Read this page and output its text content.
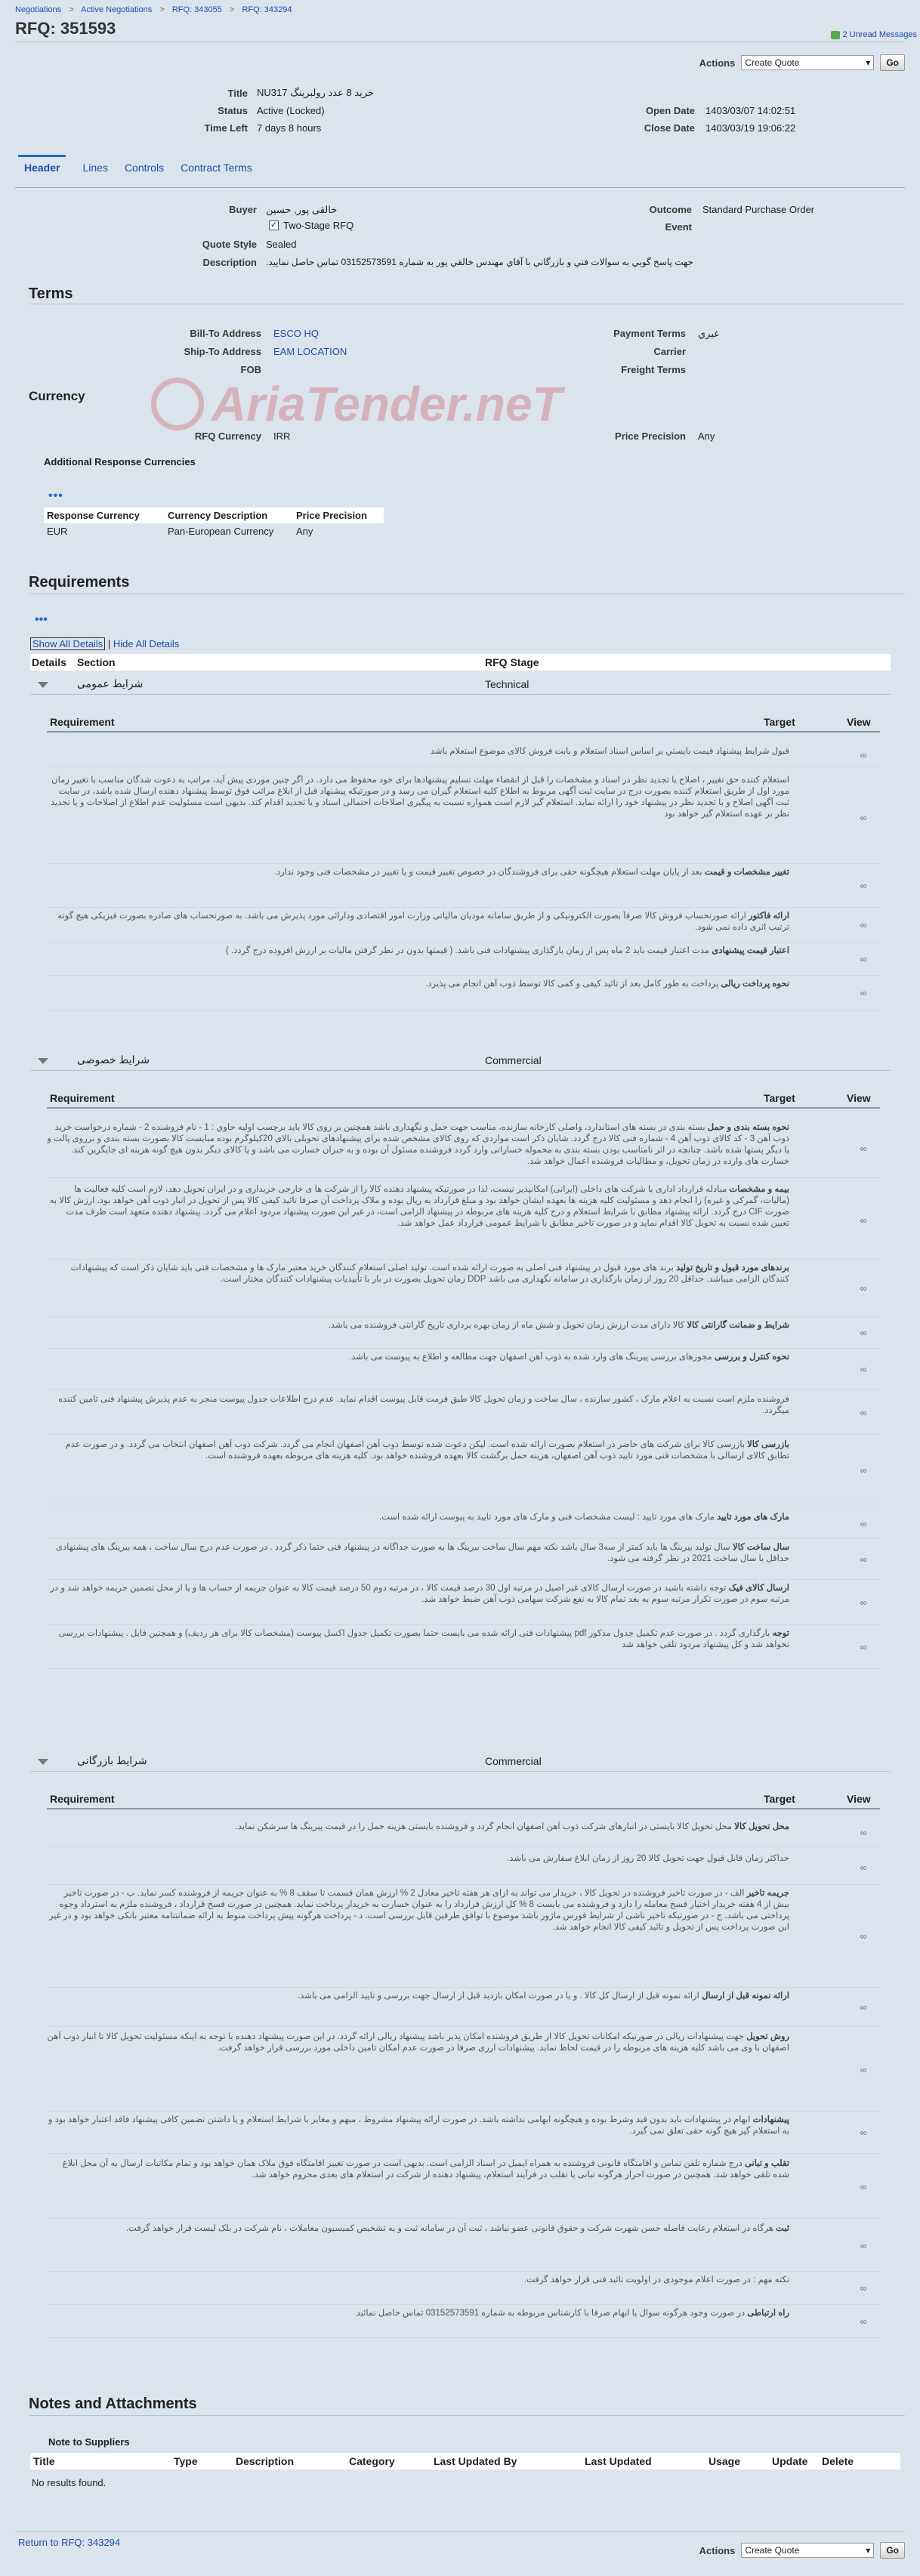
Negotiations > Active Negotiations > RFQ: 343055 > RFQ: 343294
RFQ: 351593	2 Unread Messages
Actions Create Quote	▾	Go
Title NU317 خرید 8 عدد رولبرینگ
Status Active (Locked)
Time Left 7 days 8 hours
Open Date 1403/03/07 14:02:51
Close Date 1403/03/19 19:06:22
Header	Lines Controls Contract Terms
Buyer خالقی پور, حسین
✓ Two-Stage RFQ
Quote Style Sealed
Description جهت پاسخ گويي به سوالات فني و بازرگاني با آقاي مهندس خالقي پور به شماره 03152573591 تماس حاصل نمایید.
Outcome Standard Purchase Order
Event
Terms
Bill-To Address ESCO HQ
Ship-To Address EAM LOCATION
FOB
Payment Terms غیري
Carrier
Freight Terms
AriaTender.neT
Currency
RFQ Currency IRR	Price Precision Any
Additional Response Currencies
•••
Response Currency	Currency Description	Price Precision
EUR	Pan-European Currency	Any
Requirements
•••
Show All Details | Hide All Details
Details	Section	RFQ Stage
شرایط عمومی	Technical
Requirement	Target	View
قبول شرايط پيشنهاد قيمت بايستي بر اساس اسناد استعلام و بابت فروش کالای موضوع استعلام باشد	∞
استعلام کننده حق تغییر ، اصلاح یا تجدید نظر در اسناد و مشخصات را قبل از انقضاء مهلت تسلیم پیشنهادها برای خود محفوظ می دارد. در اگر چنین موردی پیش آید، مراتب به دعوت شدگان مناسب با تغییر زمان مورد اول از طریق استعلام کننده بصورت درج در سایت ثبت آگهی مربوط به اطلاع کلیه استعلام گیران می رسد و در صورتیکه پیشنهاد قبل از ابلاغ مراتب فوق توسط پیشنهاد دهنده ارسال شده باشد، در سایت ثبت آگهی اصلاح و یا تجدید نظر در پیشنهاد خود را ارائه نماید. استعلام گیر لازم است همواره نسبت به پیگیری اصلاحات احتمالی اسناد و یا تجدید اقدام کند. بدیهی است مسئولیت عدم اطلاع از اصلاحات و یا تجدید نظر بر عهده استعلام گیر خواهد بود	∞
تغییر مشخصات و قیمت بعد از پایان مهلت استعلام هیچگونه حقی برای فروشندگان در خصوص تغییر قیمت و یا تغییر در مشخصات فنی وجود ندارد.
∞
ارائه فاکتور ارائه صورتحساب فروش کالا صرفاً بصورت الکترونیکی و از طریق سامانه مودیان مالیاتی وزارت امور اقتصادی ودارائی مورد پذیرش می باشد. به صورتحساب های صادره بصورت فیزیکی هیچ گونه ترتیب اثری داده نمی شود.	∞
اعتبار قیمت پیشنهادی مدت اعتبار قیمت باید 2 ماه پس از زمان بارگذاری پیشنهادات فنی باشد. ( قیمتها بدون در نظر گرفتن مالیات بر ارزش افزوده درج گردد. )
∞
نحوه پرداخت ریالی پرداخت به طور کامل بعد از تائید کیفی و کمی کالا توسط ذوب آهن انجام می پذیرد.
∞
شرایط خصوصی	Commercial
Requirement	Target	View
نحوه بسته بندی و حمل بسته بندی در بسته های استاندارد، واصلی کارخانه سازنده، مناسب جهت حمل و نگهداری باشد همچنین بر روی کالا باید برچسب اوليه حاوي : 1 - نام فروشنده 2 - شماره درخواست خرید ذوب آهن 3 - کد کالای ذوب آهن 4 - شماره فنی کالا درج گردد. شایان ذکر است مواردی که روی کالای مشخص شده برای پیشنهادهای تحویلی بالای 20کیلوگرم بوده مبایست کالا بصورت بسته بندی و برروی پالت و یا دیگر پستها شده باشد. چنانچه در اثر نامناسب بودن بسته بندی به محموله خساراتی وارد گردد فروشنده مسئول آن بوده و به جبران خسارت می باشد و یا کالای دیگر بدون هیچ گونه هزینه ای جایگزین کند. خسارت های وارده در زمان تحویل، و مطالبات فروشنده اعمال خواهد شد.
∞
بیمه و مشخصات مبادله قرارداد اداری با شرکت های داخلی (ایرانی) امکانپذیر نیست، لذا در صورتیکه پیشنهاد دهنده کالا را از شرکت ها ی خارجی خریداری و در ایران تحویل دهد، لازم است کلیه فعالیت ها (مالیات، گمرکی و غیره) را انجام دهد و مسئولیت کلیه هزینه ها بعهده ایشان خواهد بود و مبلغ قرارداد به ریال بوده و ملاک پرداخت آن صرفا تائید کیفی کالا پس از تحویل در انبار ذوب آهن خواهد بود. ارزش کالا به صورت CIF درج گردد. ارائه پیشنهاد مطابق با شرایط استعلام و درج کلیه هزینه های مربوطه در پیشنهاد الزامی است، در غیر این صورت پیشنهاد مردود اعلام می گردد. پیشنهاد دهنده متعهد است ظرف مدت تعیین شده نسبت به تحویل کالا اقدام نماید و در صورت تاخیر مطابق با شرایط عمومی قرارداد عمل خواهد شد.	∞
برندهای مورد قبول و تاریخ تولید برند های مورد قبول در پیشنهاد فنی اصلی به صورت ارائه شده است. تولید اصلی استعلام کنندگان خرید معتبر مارک ها و مشخصات فنی باید شایان ذکر است که پیشنهادات کنندگان الزامی میباشد. حداقل 20 روز از زمان بارگذاری در سامانه نگهداری می باشد DDP زمان تحویل بصورت در بار با تأییدیات پیشنهادات کنندگان مختار است.
∞
شرایط و ضمانت گارانتی کالا کالا دارای مدت ارزش زمان تحویل و شش ماه از زمان بهره برداری تاریخ گارانتی فروشنده می باشد.
∞
نحوه کنترل و بررسی مجوزهای بررسی پیرینگ های وارد شده به ذوب آهن اصفهان جهت مطالعه و اطلاع به پیوست می باشد.
∞
فروشنده ملزم است نسبت به اعلام مارک ، کشور سازنده ، سال ساخت و زمان تحویل کالا طبق فرمت قابل پیوست اقدام نماید. عدم درج اطلاعات جدول پیوست منجر به عدم پذیرش پیشنهاد فنی تامین کننده میگردد.	∞
بازرسی کالا بازرسی کالا برای شرکت های حاضر در استعلام بصورت ارائه شده است. لیکن دعوت شده توسط ذوب آهن اصفهان انجام می گردد. شرکت ذوب آهن اصفهان انتخاب می گردد. و در صورت عدم تطابق کالای ارسالی با مشخصات فنی مورد تایید ذوب آهن اصفهان، هزینه حمل برگشت کالا بعهده فروشنده خواهد بود. کلیه هزینه های مربوطه بعهده فروشنده است.
∞
مارک های مورد تایید مارک های مورد تایید : لیست مشخصات فنی و مارک های مورد تایید به پیوست ارائه شده است.
∞
سال ساخت کالا سال تولید بیرینگ ها باید کمتر از سه3 سال باشد نکته مهم سال ساخت بیرینگ ها به صورت جداگانه در پیشنهاد فنی حتما ذکر گردد . در صورت عدم درج سال ساخت ، همه بیرینگ های پیشنهادی حداقل با سال ساخت 2021 در نظر گرفته می شود.	∞
ارسال کالای فیک توجه داشته باشید در صورت ارسال کالای غیر اصیل در مرتبه اول 30 درصد قیمت کالا ، در مرتبه دوم 50 درصد قیمت کالا به عنوان جریمه از حساب ها و یا از محل تضمین جریمه خواهد شد و در مرتبه سوم در صورت تکرار مرتبه سوم به بعد تمام کالا به نفع شرکت سهامی ذوب آهن ضبط خواهد شد.	∞
توجه بارگذاری گردد . در صورت عدم تکمیل جدول مذکور pdf پیشنهادات فنی ارائه شده می بایست حتما بصورت تکمیل جدول اکسل پیوست (مشخصات کالا برای هر ردیف) و همچنین فایل . پیشنهادات بررسی نخواهد شد و کل پیشنهاد مردود تلقی خواهد شد	∞
شرایط بازرگانی	Commercial
Requirement	Target	View
محل تحویل کالا محل تحویل کالا بایستی در انبارهای شرکت ذوب آهن اصفهان انجام گردد و فروشنده بایستی هزینه حمل را در قیمت پیرینگ ها سرشکن نماید.
∞
حداکثر زمان قابل قبول جهت تحویل کالا 20 روز از زمان ابلاغ سفارش می باشد.
∞
جریمه تاخیر الف - در صورت تاخیر فروشنده در تحویل کالا ، خریدار می تواند به ازای هر هفته تاخیر معادل 2 % ارزش همان قسمت تا سقف 8 % به عنوان جریمه از فروشنده کسر نماید. ب - در صورت تاخیر بیش از 4 هفته خریدار اختیار فسخ معامله را دارد و فروشنده می بایست 8 % کل ارزش قرارداد را به عنوان خسارت به خریدار پرداخت نماید. همچنین در صورت فسخ قرارداد ، فروشنده ملزم به استرداد وجوه پرداختی می باشد. ج - در صورتیکه تاخیر ناشی از شرایط فورس ماژور باشد موضوع با توافق طرفین قابل بررسی است. د - پرداخت هرگونه پیش پرداخت منوط به ارائه ضمانتنامه معتبر بانکی خواهد بود و در غیر این صورت پرداخت پس از تحویل و تائید کیفی کالا انجام خواهد شد.
∞
ارائه نمونه قبل از ارسال ارائه نمونه قبل از ارسال کل کالا . و یا در صورت امکان بازدید قبل از ارسال جهت بررسی و تایید الزامی می باشد.
∞
روش تحویل جهت پیشنهادات ریالی در صورتیکه امکانات تحویل کالا از طریق فروشنده امکان پذیر باشد پیشنهاد ریالی ارائه گردد. در این صورت پیشنهاد دهنده با توجه به اینکه مسئولیت تحویل کالا تا انبار ذوب آهن اصفهان با وی می باشد کلیه هزینه های مربوطه را در قیمت لحاظ نماید. پیشنهادات ارزی صرفا در صورت عدم امکان تامین داخلی مورد بررسی قرار خواهد گرفت.
∞
پیشنهادات ابهام در پیشنهادات باید بدون قید وشرط بوده و هیچگونه ابهامی نداشته باشد. در صورت ارائه پیشنهاد مشروط ، مبهم و مغایر با شرایط استعلام و یا داشتن تضمین کافی پیشنهاد فاقد اعتبار خواهد بود و به استعلام گیر هیچ گونه حقی تعلق نمی گیرد.	∞
تقلب و تبانی درج شماره تلفن تماس و اقامتگاه قانونی فروشنده به همراه ایمیل در اسناد الزامی است. بدیهی است در صورت تغییر اقامتگاه فوق ملاک همان خواهد بود و تمام مکاتبات ارسال به آن محل ابلاغ شده تلقی خواهد شد. همچنین در صورت احراز هرگونه تبانی یا تقلب در فرآیند استعلام، پیشنهاد دهنده از شرکت در استعلام های بعدی محروم خواهد شد.
∞
ثبت هرگاه در استعلام رعایت فاصله حسن شهرت شرکت و حقوق قانونی عضو نباشد ، ثبت آن در سامانه ثبت و به تشخیص کمیسیون معاملات ، نام شرکت در بلک لیست قرار خواهد گرفت.
∞
نکته مهم : در صورت اعلام موجودی در اولویت تائید فنی قرار خواهد گرفت.
∞
راه ارتباطی در صورت وجود هرگونه سوال یا ابهام صرفا با کارشناس مربوطه به شماره 03152573591 تماس حاصل نمائید
∞
Notes and Attachments
Note to Suppliers
Title	Type	Description	Category	Last Updated By	Last Updated	Usage	Update	Delete
No results found.
Return to RFQ: 343294
Actions Create Quote	▾	Go
